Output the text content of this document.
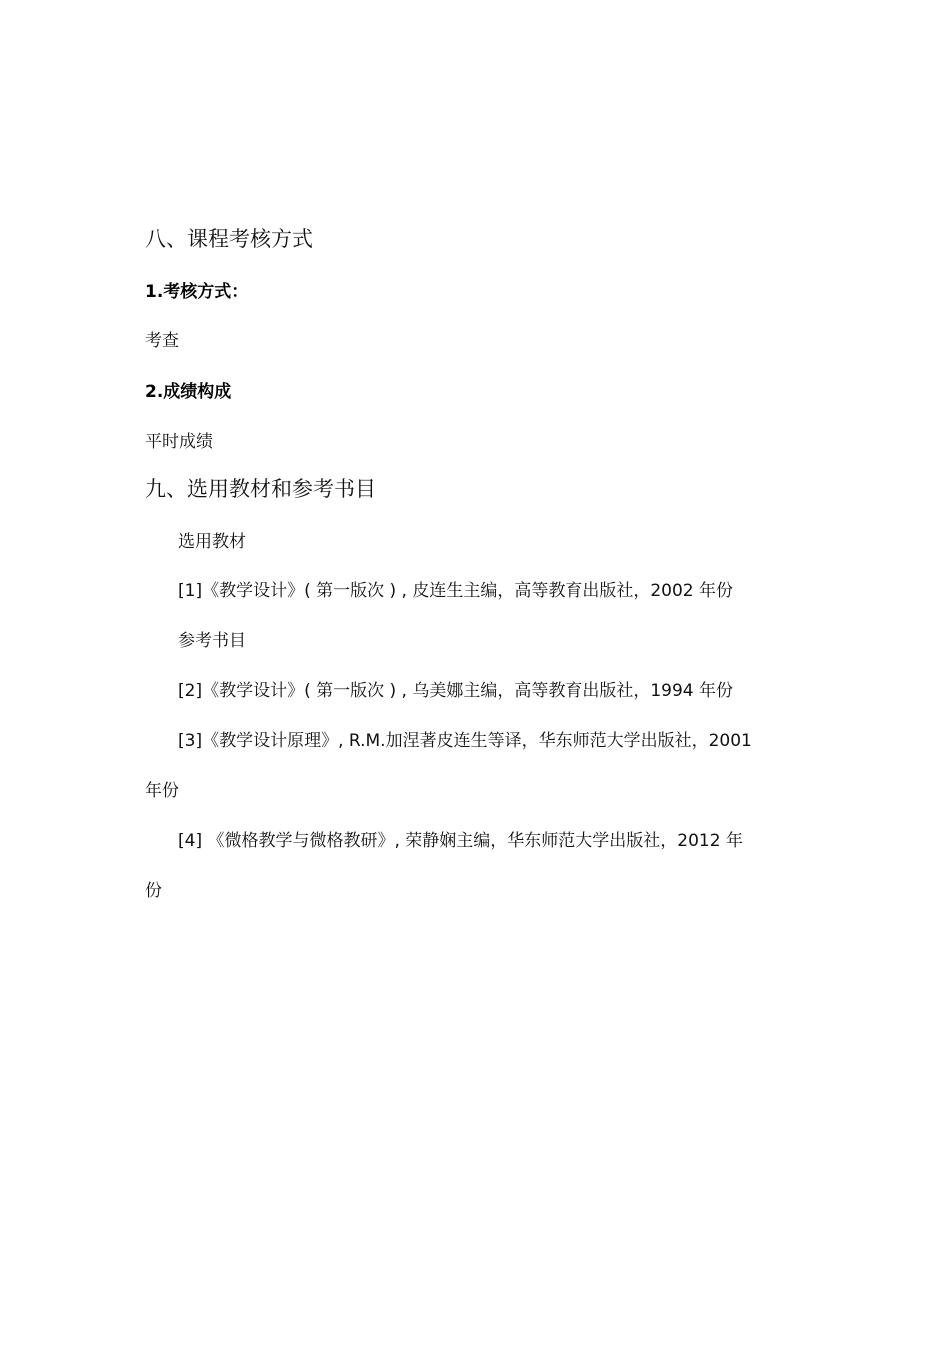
八、课程考核方式
1.考核方式：
考查
2.成绩构成
平时成绩
九、选用教材和参考书目
选用教材
[1]《教学设计》( 第一版次 ) , 皮连生主编，高等教育出版社，2002 年份
参考书目
[2]《教学设计》( 第一版次 ) , 乌美娜主编，高等教育出版社，1994 年份
[3]《教学设计原理》, R.M.加涅著皮连生等译，华东师范大学出版社，2001
年份
[4] 《微格教学与微格教研》, 荣静娴主编，华东师范大学出版社，2012 年
份
